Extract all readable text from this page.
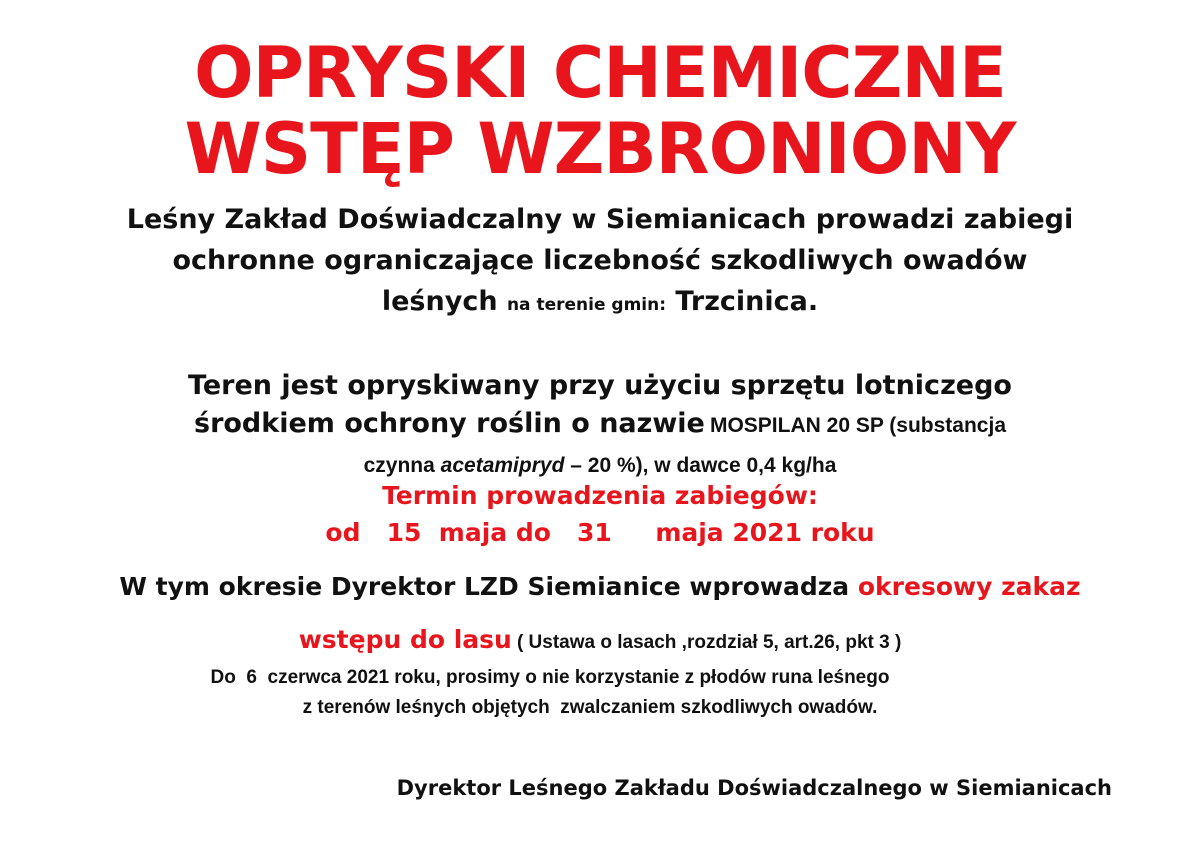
OPRYSKI CHEMICZNE
WSTĘP WZBRONIONY
Leśny Zakład Doświadczalny w Siemianicach prowadzi zabiegi
ochronne ograniczające liczebność szkodliwych owadów
leśnych na terenie gmin: Trzcinica.
Teren jest opryskiwany przy użyciu sprzętu lotniczego
środkiem ochrony roślin o nazwie MOSPILAN 20 SP (substancja
czynna acetamipryd – 20 %), w dawce 0,4 kg/ha
Termin prowadzenia zabiegów:
od   15  maja do   31     maja 2021 roku
W tym okresie Dyrektor LZD Siemianice wprowadza okresowy zakaz
wstępu do lasu ( Ustawa o lasach ,rozdział 5, art.26, pkt 3 )
Do  6  czerwca 2021 roku, prosimy o nie korzystanie z płodów runa leśnego
z terenów leśnych objętych  zwalczaniem szkodliwych owadów.
Dyrektor Leśnego Zakładu Doświadczalnego w Siemianicach
